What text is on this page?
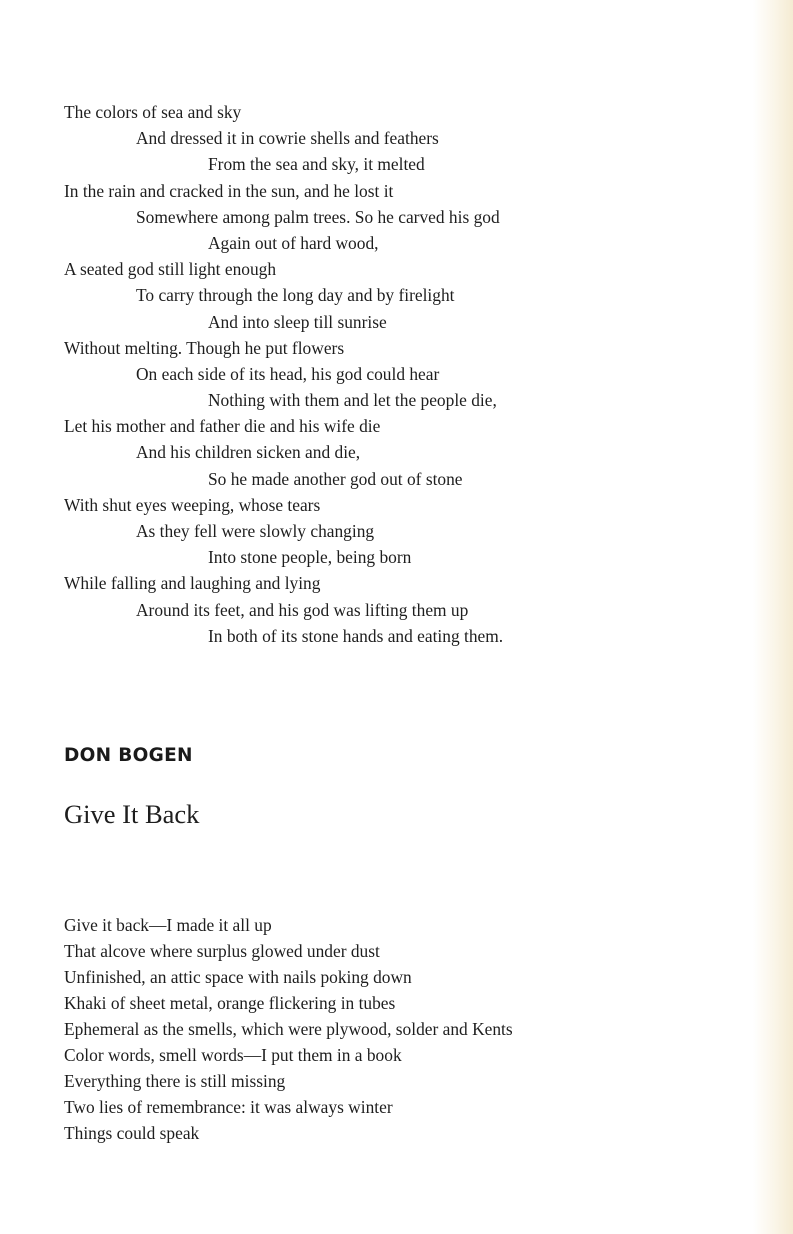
The colors of sea and sky
And dressed it in cowrie shells and feathers
From the sea and sky, it melted
In the rain and cracked in the sun, and he lost it
Somewhere among palm trees. So he carved his god
Again out of hard wood,
A seated god still light enough
To carry through the long day and by firelight
And into sleep till sunrise
Without melting. Though he put flowers
On each side of its head, his god could hear
Nothing with them and let the people die,
Let his mother and father die and his wife die
And his children sicken and die,
So he made another god out of stone
With shut eyes weeping, whose tears
As they fell were slowly changing
Into stone people, being born
While falling and laughing and lying
Around its feet, and his god was lifting them up
In both of its stone hands and eating them.
DON BOGEN
Give It Back
Give it back—I made it all up
That alcove where surplus glowed under dust
Unfinished, an attic space with nails poking down
Khaki of sheet metal, orange flickering in tubes
Ephemeral as the smells, which were plywood, solder and Kents
Color words, smell words—I put them in a book
Everything there is still missing
Two lies of remembrance: it was always winter
Things could speak
